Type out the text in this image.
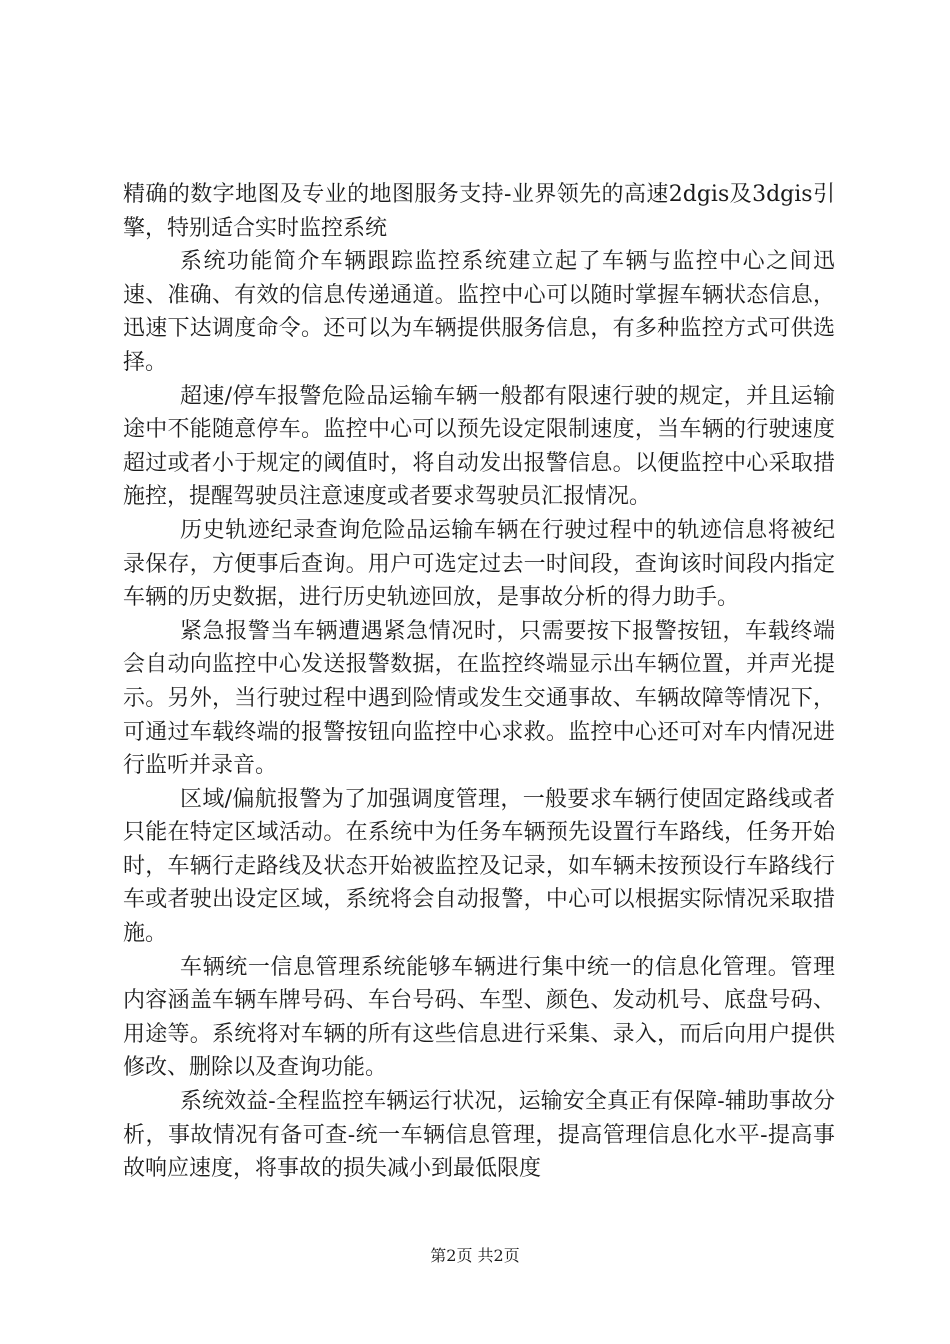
精确的数字地图及专业的地图服务支持-业界领先的高速2dgis及3dgis引擎，特别适合实时监控系统

系统功能简介车辆跟踪监控系统建立起了车辆与监控中心之间迅速、准确、有效的信息传递通道。监控中心可以随时掌握车辆状态信息，迅速下达调度命令。还可以为车辆提供服务信息，有多种监控方式可供选择。

超速/停车报警危险品运输车辆一般都有限速行驶的规定，并且运输途中不能随意停车。监控中心可以预先设定限制速度，当车辆的行驶速度超过或者小于规定的阈值时，将自动发出报警信息。以便监控中心采取措施控，提醒驾驶员注意速度或者要求驾驶员汇报情况。

历史轨迹纪录查询危险品运输车辆在行驶过程中的轨迹信息将被纪录保存，方便事后查询。用户可选定过去一时间段，查询该时间段内指定车辆的历史数据，进行历史轨迹回放，是事故分析的得力助手。

紧急报警当车辆遭遇紧急情况时，只需要按下报警按钮，车载终端会自动向监控中心发送报警数据，在监控终端显示出车辆位置，并声光提示。另外，当行驶过程中遇到险情或发生交通事故、车辆故障等情况下，可通过车载终端的报警按钮向监控中心求救。监控中心还可对车内情况进行监听并录音。

区域/偏航报警为了加强调度管理，一般要求车辆行使固定路线或者只能在特定区域活动。在系统中为任务车辆预先设置行车路线，任务开始时，车辆行走路线及状态开始被监控及记录，如车辆未按预设行车路线行车或者驶出设定区域，系统将会自动报警，中心可以根据实际情况采取措施。

车辆统一信息管理系统能够车辆进行集中统一的信息化管理。管理内容涵盖车辆车牌号码、车台号码、车型、颜色、发动机号、底盘号码、用途等。系统将对车辆的所有这些信息进行采集、录入，而后向用户提供修改、删除以及查询功能。

系统效益-全程监控车辆运行状况，运输安全真正有保障-辅助事故分析，事故情况有备可查-统一车辆信息管理，提高管理信息化水平-提高事故响应速度，将事故的损失减小到最低限度

第2页 共2页
